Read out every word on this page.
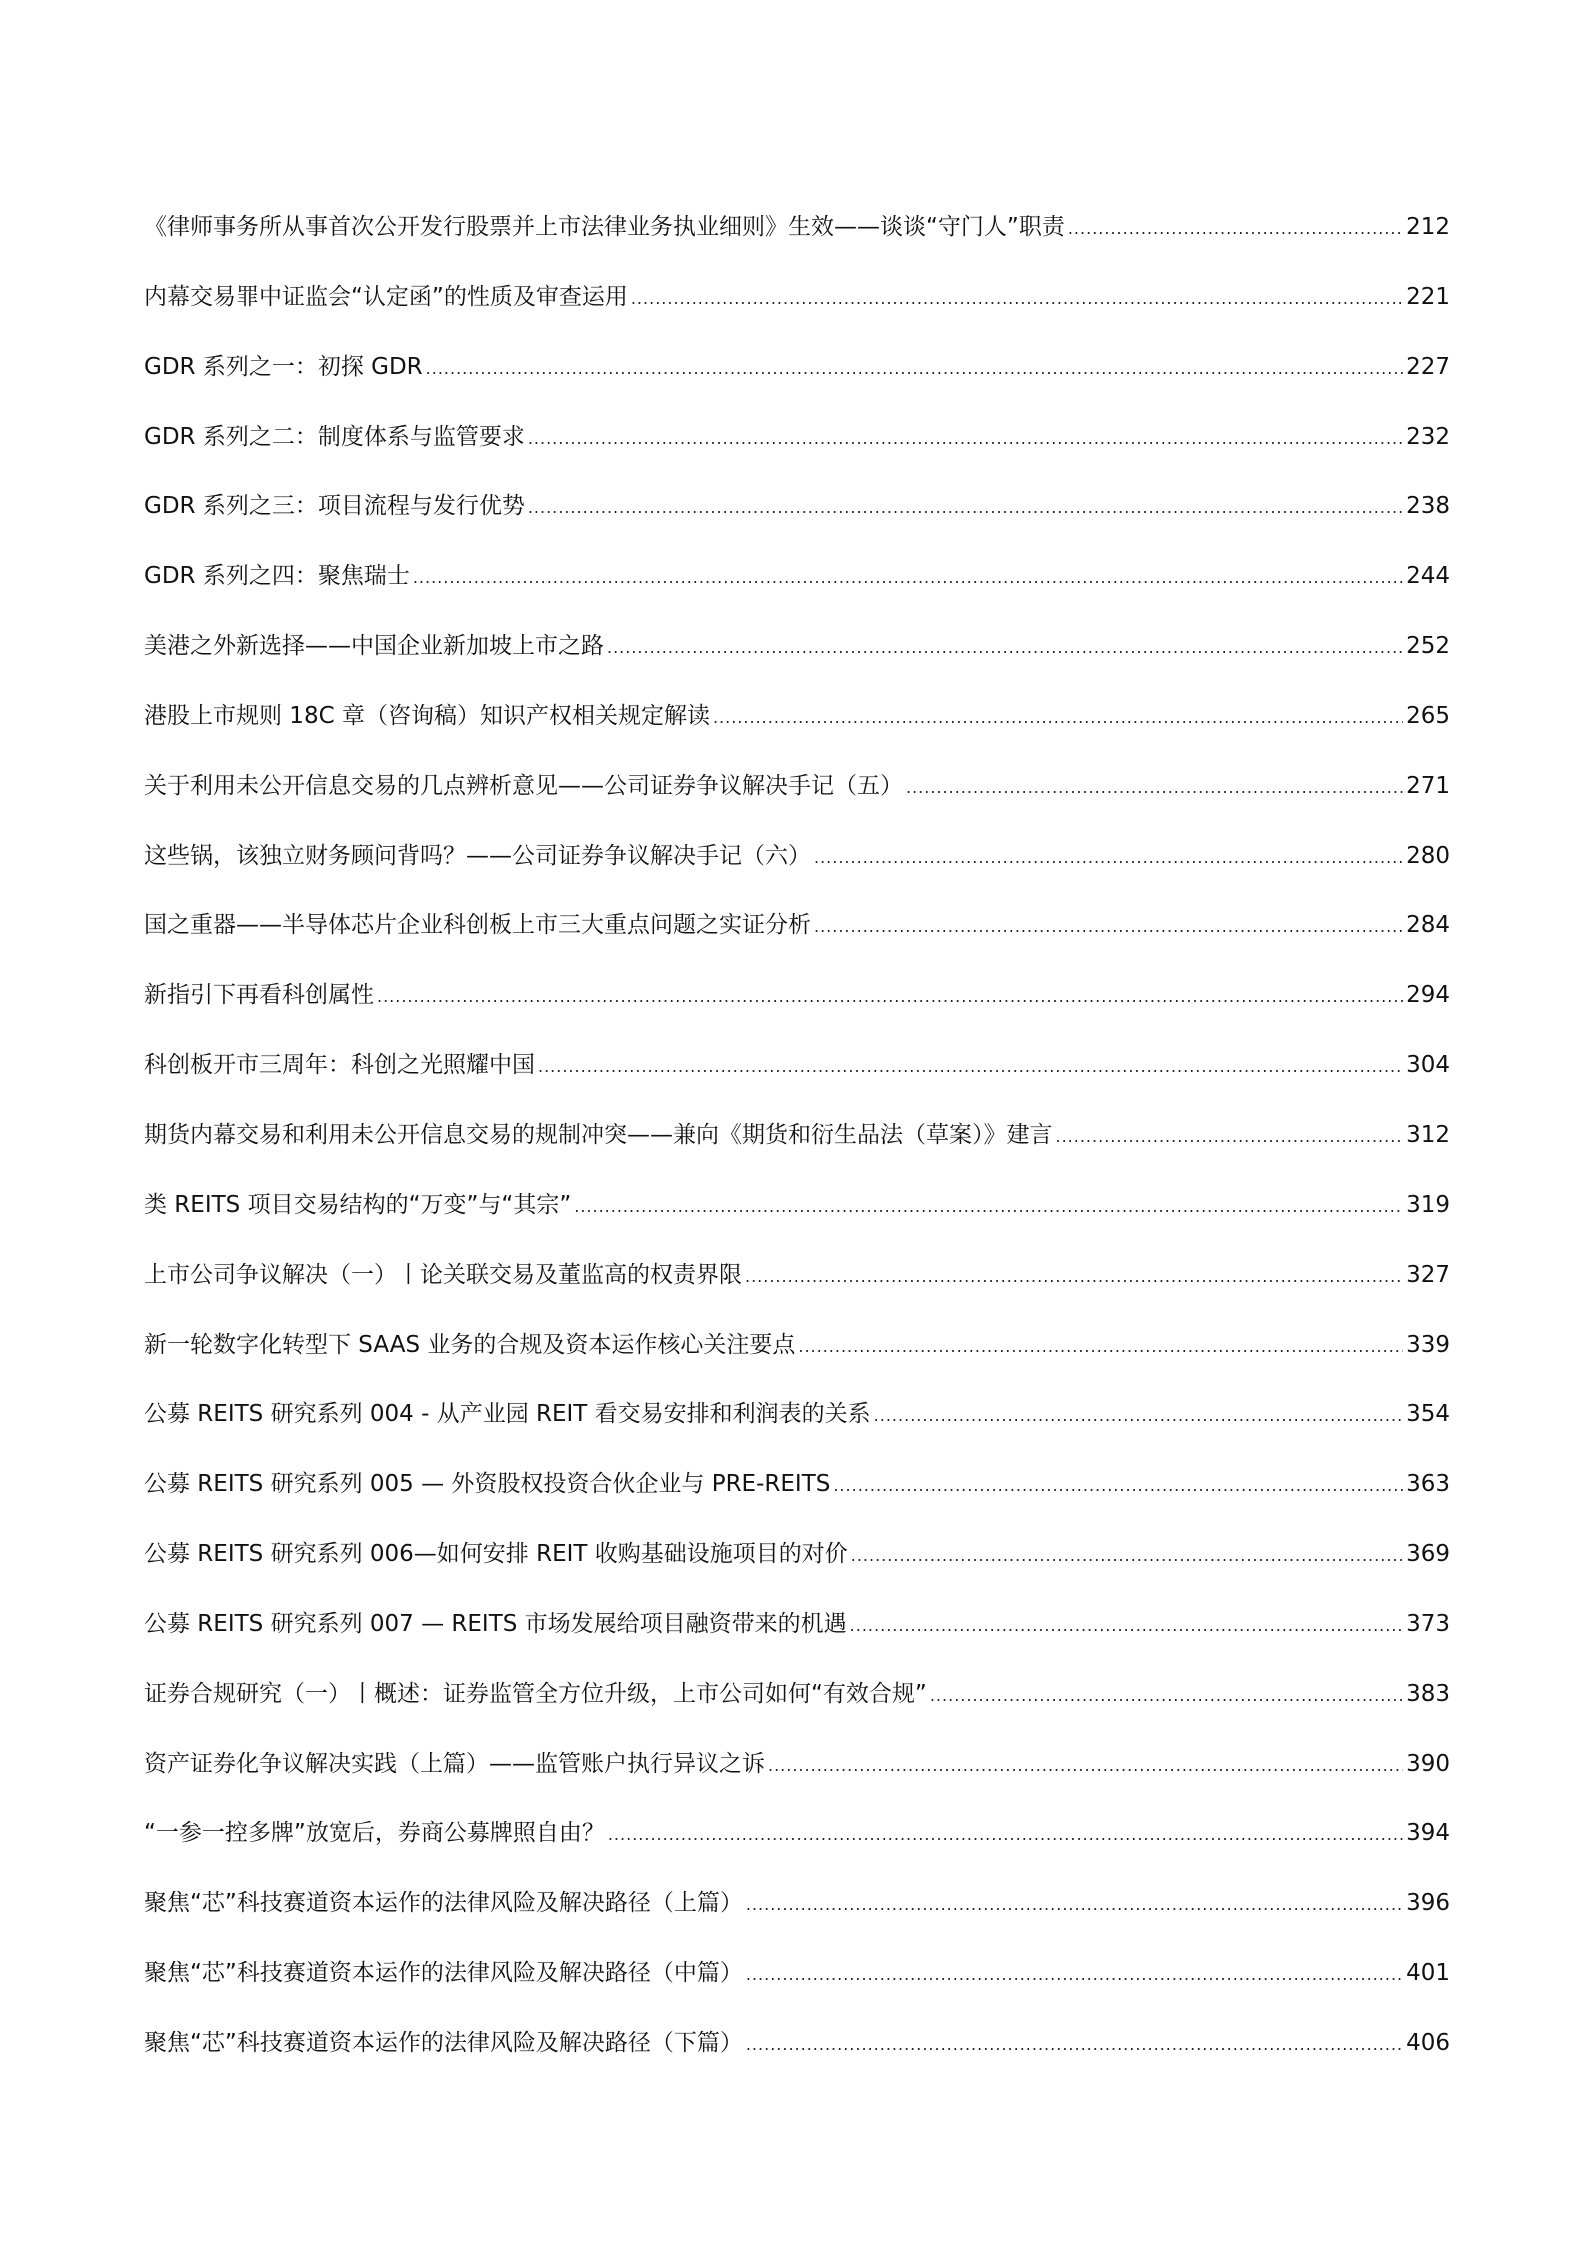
《律师事务所从事首次公开发行股票并上市法律业务执业细则》生效——谈谈“守门人”职责 .....	212
内幕交易罪中证监会“认定函”的性质及审查运用 .....	221
GDR 系列之一：初探 GDR .....	227
GDR 系列之二：制度体系与监管要求 .....	232
GDR 系列之三：项目流程与发行优势 .....	238
GDR 系列之四：聚焦瑞士 .....	244
美港之外新选择——中国企业新加坡上市之路 .....	252
港股上市规则 18C 章（咨询稿）知识产权相关规定解读 .....	265
关于利用未公开信息交易的几点辨析意见——公司证券争议解决手记（五） .....	271
这些锅，该独立财务顾问背吗？——公司证券争议解决手记（六） .....	280
国之重器——半导体芯片企业科创板上市三大重点问题之实证分析 .....	284
新指引下再看科创属性 .....	294
科创板开市三周年：科创之光照耀中国 .....	304
期货内幕交易和利用未公开信息交易的规制冲突——兼向《期货和衍生品法（草案）》建言 .....	312
类 REITS 项目交易结构的“万变”与“其宗” .....	319
上市公司争议解决（一）丨论关联交易及董监高的权责界限 .....	327
新一轮数字化转型下 SAAS 业务的合规及资本运作核心关注要点 .....	339
公募 REITS 研究系列 004 - 从产业园 REIT 看交易安排和利润表的关系 .....	354
公募 REITS 研究系列 005 — 外资股权投资合伙企业与 PRE-REITS .....	363
公募 REITS 研究系列 006—如何安排 REIT 收购基础设施项目的对价 .....	369
公募 REITS 研究系列 007 — REITS 市场发展给项目融资带来的机遇 .....	373
证券合规研究（一）丨概述：证券监管全方位升级，上市公司如何“有效合规” .....	383
资产证券化争议解决实践（上篇）——监管账户执行异议之诉 .....	390
“一参一控多牌”放宽后，券商公募牌照自由？ .....	394
聚焦“芯”科技赛道资本运作的法律风险及解决路径（上篇） .....	396
聚焦“芯”科技赛道资本运作的法律风险及解决路径（中篇） .....	401
聚焦“芯”科技赛道资本运作的法律风险及解决路径（下篇） .....	406
